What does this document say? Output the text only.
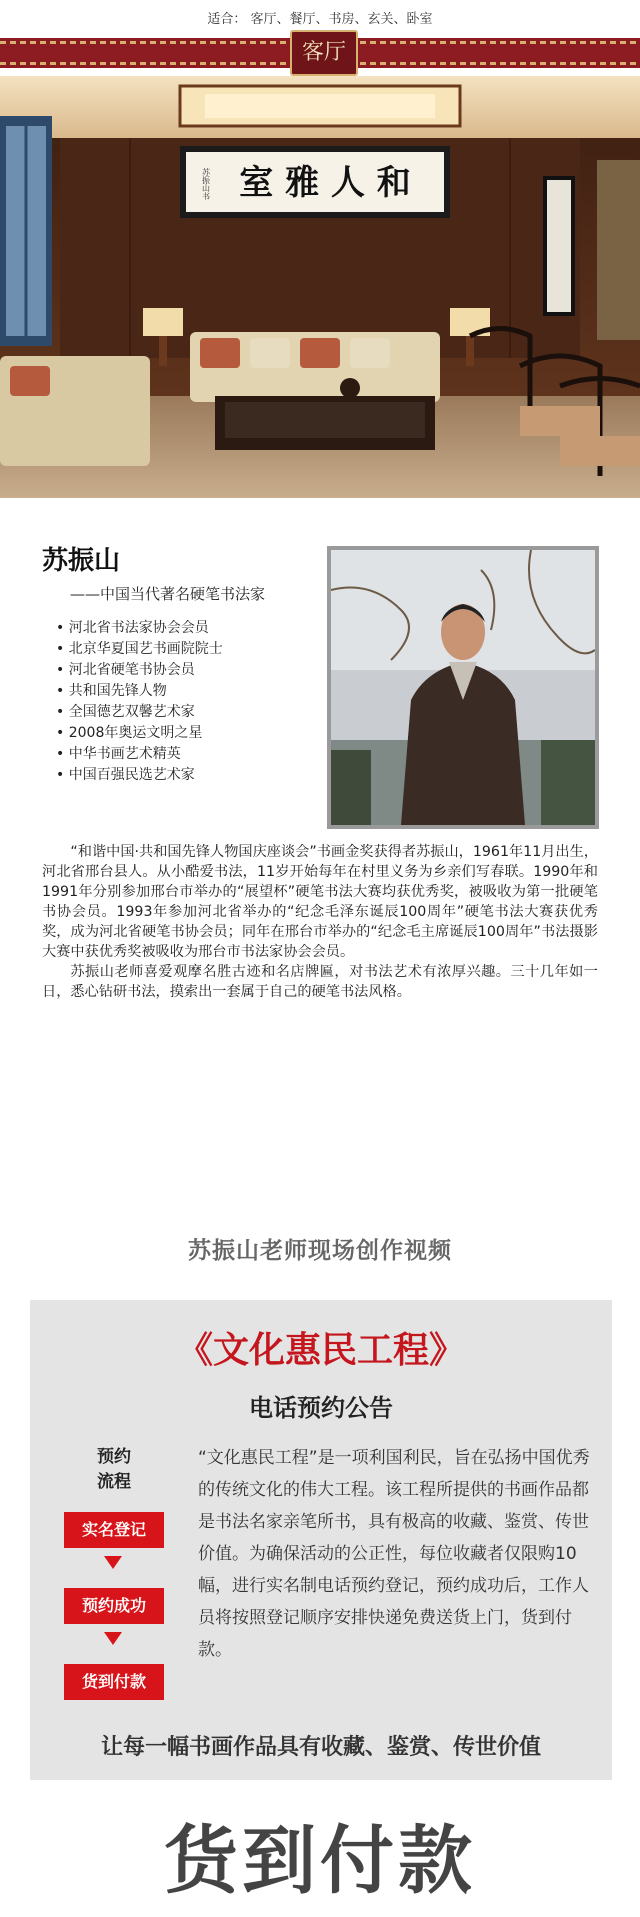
适合： 客厅、餐厅、书房、玄关、卧室
客厅
室 雅 人 和
苏振山书
苏振山
——中国当代著名硬笔书法家
• 河北省书法家协会会员
• 北京华夏国艺书画院院士
• 河北省硬笔书协会员
• 共和国先锋人物
• 全国德艺双馨艺术家
• 2008年奥运文明之星
• 中华书画艺术精英
• 中国百强民选艺术家

“和谐中国·共和国先锋人物国庆座谈会”书画金奖获得者苏振山，1961年11月出生，河北省邢台县人。从小酷爱书法，11岁开始每年在村里义务为乡亲们写春联。1990年和1991年分别参加邢台市举办的“展望杯”硬笔书法大赛均获优秀奖，被吸收为第一批硬笔书协会员。1993年参加河北省举办的“纪念毛泽东诞辰100周年”硬笔书法大赛获优秀奖，成为河北省硬笔书协会员；同年在邢台市举办的“纪念毛主席诞辰100周年”书法摄影大赛中获优秀奖被吸收为邢台市书法家协会会员。

苏振山老师喜爱观摩名胜古迹和名店牌匾，对书法艺术有浓厚兴趣。三十几年如一日，悉心钻研书法，摸索出一套属于自己的硬笔书法风格。

苏振山老师现场创作视频
《文化惠民工程》
电话预约公告
预约
流程
实名登记
预约成功
货到付款

“文化惠民工程”是一项利国利民，旨在弘扬中国优秀的传统文化的伟大工程。该工程所提供的书画作品都是书法名家亲笔所书，具有极高的收藏、鉴赏、传世价值。为确保活动的公正性，每位收藏者仅限购10幅，进行实名制电话预约登记，预约成功后，工作人员将按照登记顺序安排快递免费送货上门，货到付款。

让每一幅书画作品具有收藏、鉴赏、传世价值
货到付款
